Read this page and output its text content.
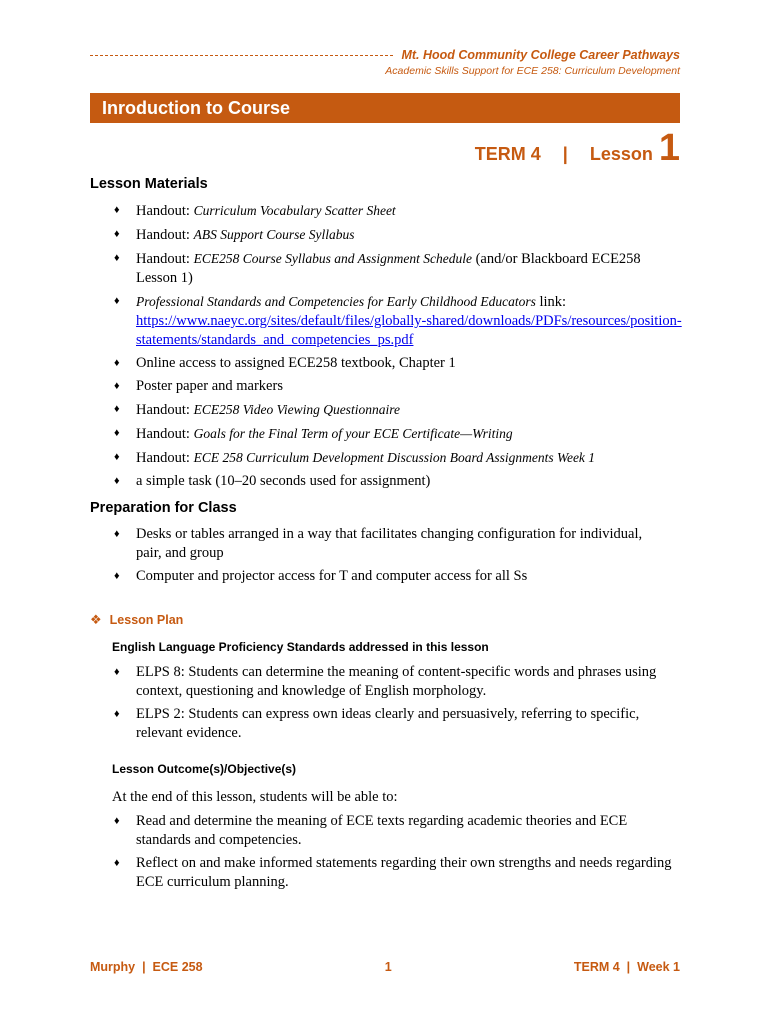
Mt. Hood Community College Career Pathways
Academic Skills Support for ECE 258: Curriculum Development
Inroduction to Course
TERM 4 | Lesson 1
Lesson Materials
♦ Handout: Curriculum Vocabulary Scatter Sheet
♦ Handout: ABS Support Course Syllabus
♦ Handout: ECE258 Course Syllabus and Assignment Schedule (and/or Blackboard ECE258 Lesson 1)
♦ Professional Standards and Competencies for Early Childhood Educators link:
https://www.naeyc.org/sites/default/files/globally-shared/downloads/PDFs/resources/position-statements/standards_and_competencies_ps.pdf
♦ Online access to assigned ECE258 textbook, Chapter 1
♦ Poster paper and markers
♦ Handout: ECE258 Video Viewing Questionnaire
♦ Handout: Goals for the Final Term of your ECE Certificate—Writing
♦ Handout: ECE 258 Curriculum Development Discussion Board Assignments Week 1
♦ a simple task (10–20 seconds used for assignment)
Preparation for Class
♦ Desks or tables arranged in a way that facilitates changing configuration for individual, pair, and group
♦ Computer and projector access for T and computer access for all Ss
❖ Lesson Plan
English Language Proficiency Standards addressed in this lesson
♦ ELPS 8: Students can determine the meaning of content-specific words and phrases using context, questioning and knowledge of English morphology.
♦ ELPS 2: Students can express own ideas clearly and persuasively, referring to specific, relevant evidence.
Lesson Outcome(s)/Objective(s)
At the end of this lesson, students will be able to:
♦ Read and determine the meaning of ECE texts regarding academic theories and ECE standards and competencies.
♦ Reflect on and make informed statements regarding their own strengths and needs regarding ECE curriculum planning.
Murphy  |  ECE 258	1	TERM 4  |  Week 1
